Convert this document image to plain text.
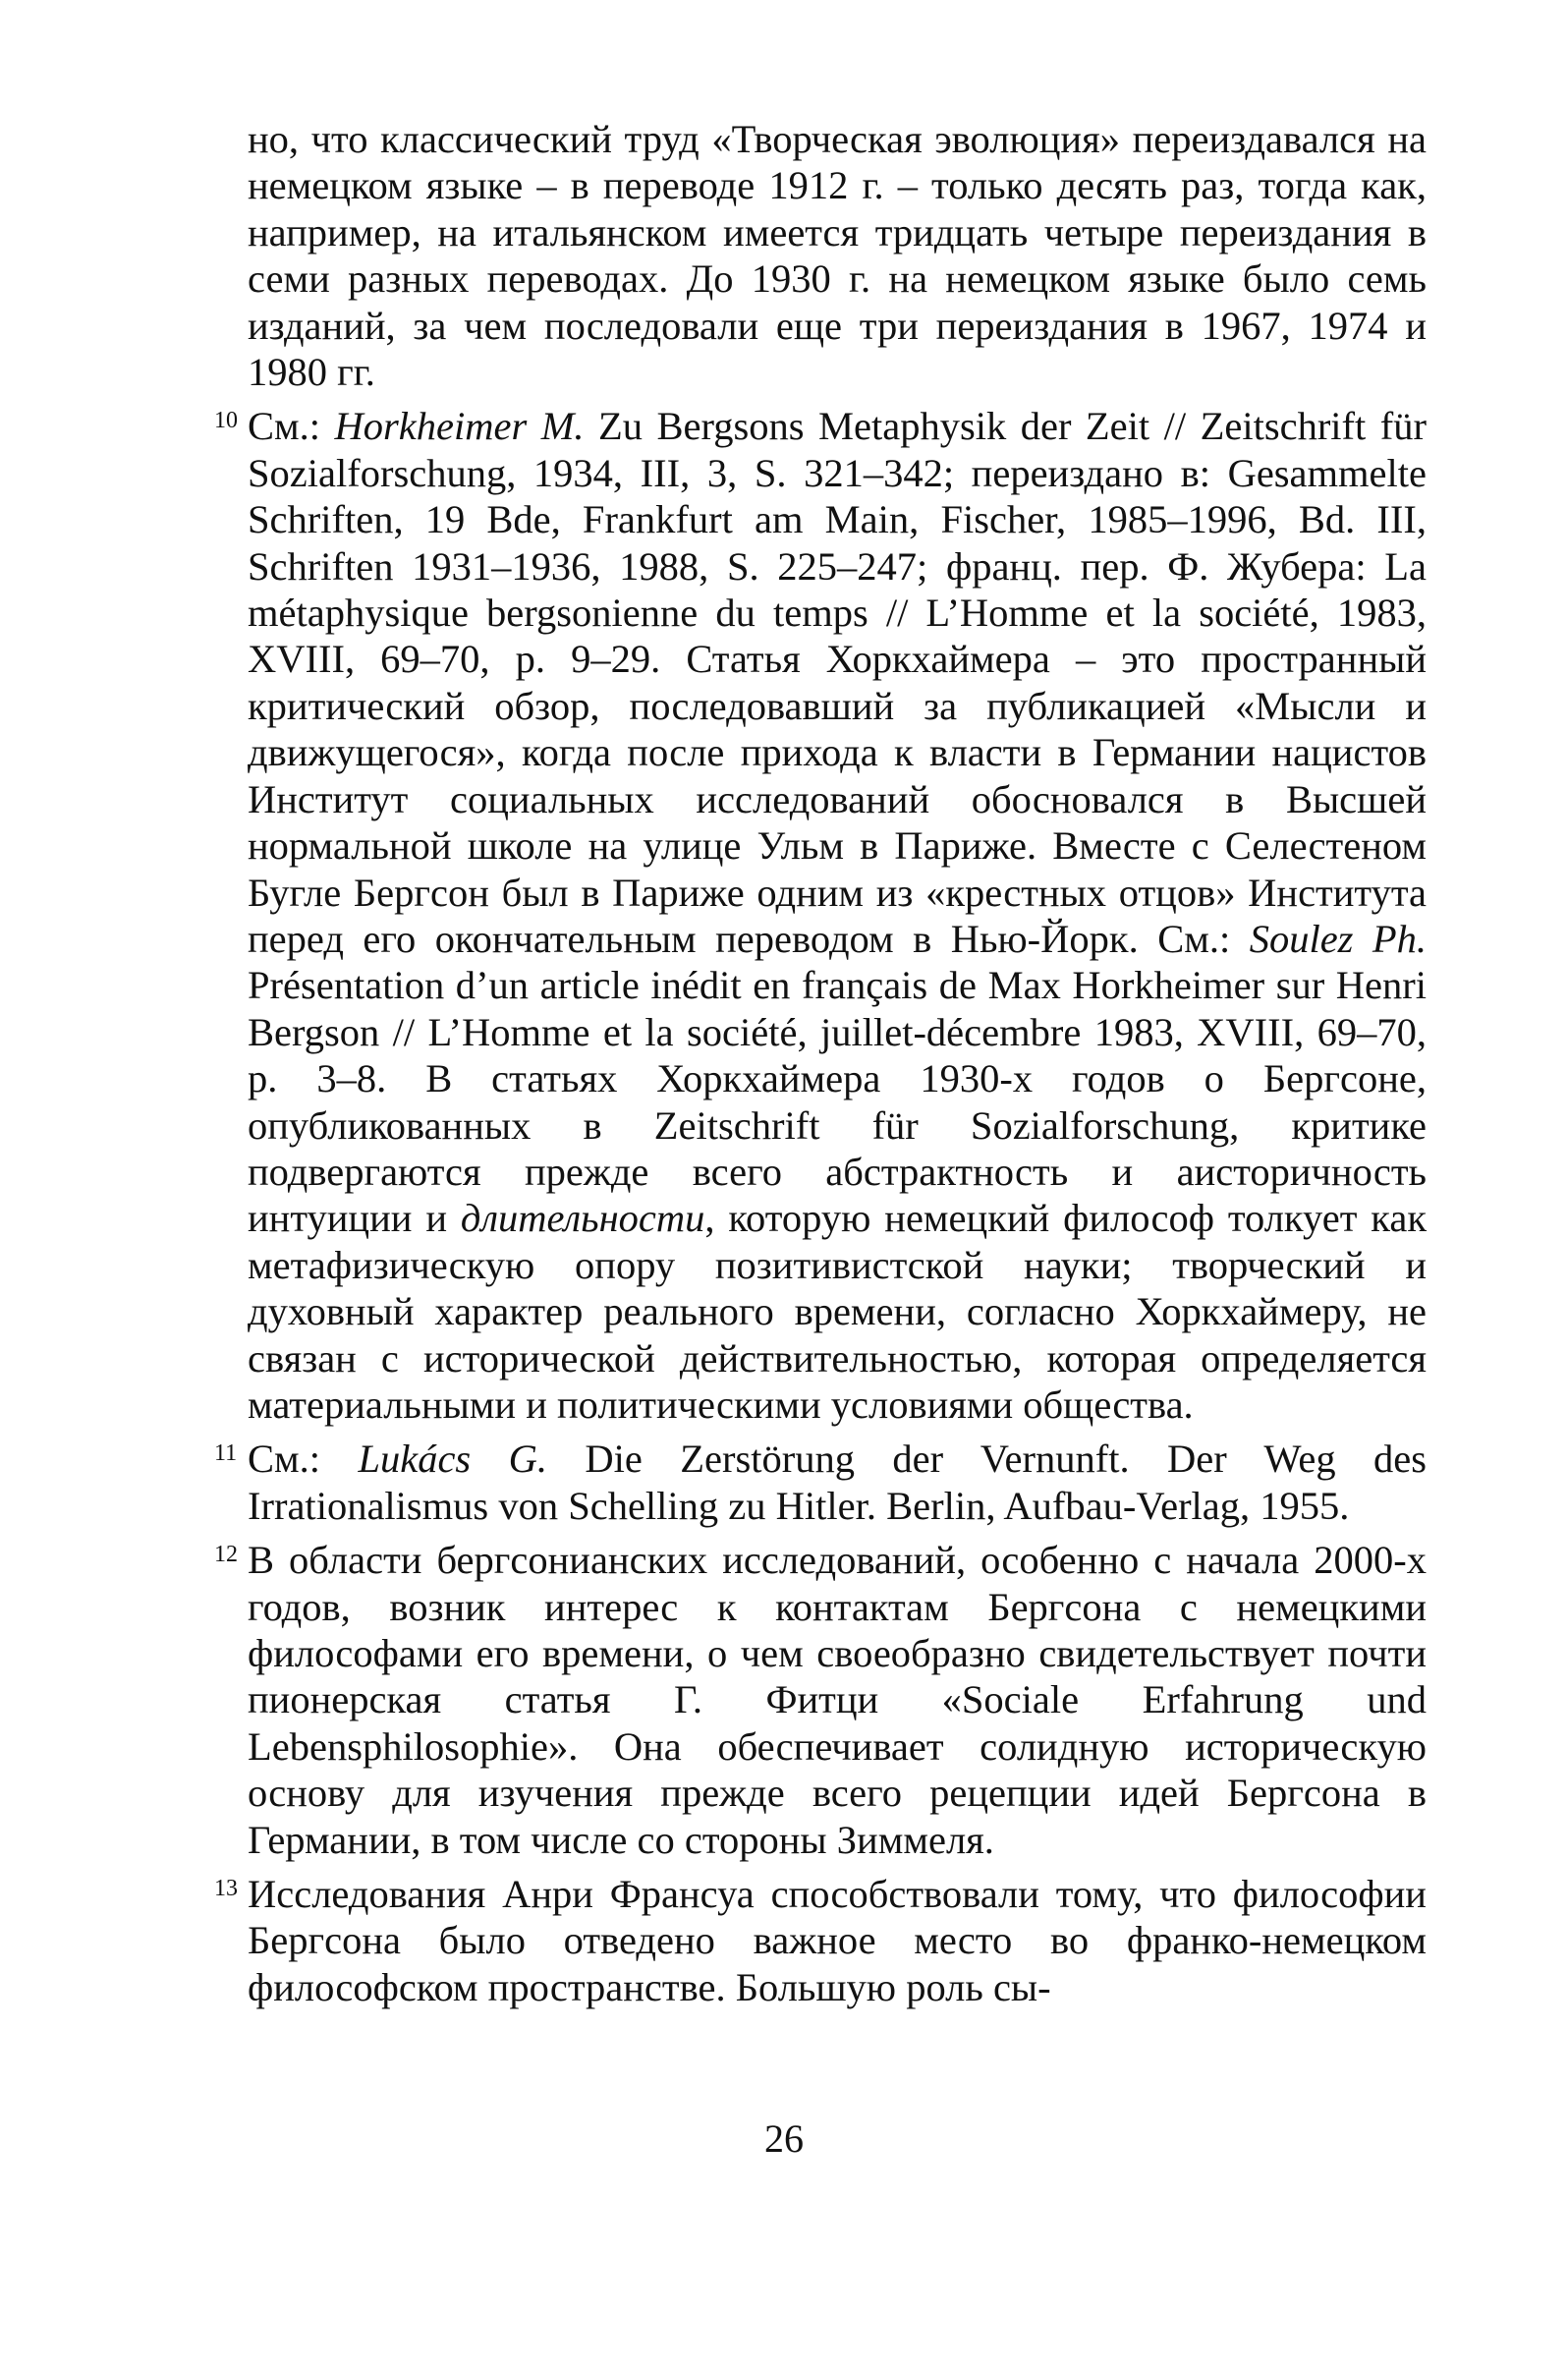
но, что классический труд «Творческая эволюция» переиздавался на немецком языке – в переводе 1912 г. – только десять раз, тогда как, например, на итальянском имеется тридцать четыре переиздания в семи разных переводах. До 1930 г. на немецком языке было семь изданий, за чем последовали еще три переиздания в 1967, 1974 и 1980 гг.
10 См.: Horkheimer M. Zu Bergsons Metaphysik der Zeit // Zeitschrift für Sozialforschung, 1934, III, 3, S. 321–342; переиздано в: Gesammelte Schriften, 19 Bde, Frankfurt am Main, Fischer, 1985–1996, Bd. III, Schriften 1931–1936, 1988, S. 225–247; франц. пер. Ф. Жубера: La métaphysique bergsonienne du temps // L’Homme et la société, 1983, XVIII, 69–70, p. 9–29. Статья Хоркхаймера – это пространный критический обзор, последовавший за публикацией «Мысли и движущегося», когда после прихода к власти в Германии нацистов Институт социальных исследований обосновался в Высшей нормальной школе на улице Ульм в Париже. Вместе с Селестеном Бугле Бергсон был в Париже одним из «крестных отцов» Института перед его окончательным переводом в Нью-Йорк. См.: Soulez Ph. Présentation d’un article inédit en français de Max Horkheimer sur Henri Bergson // L’Homme et la société, juillet-décembre 1983, XVIII, 69–70, p. 3–8. В статьях Хоркхаймера 1930-х годов о Бергсоне, опубликованных в Zeitschrift für Sozialforschung, критике подвергаются прежде всего абстрактность и аисторичность интуиции и длительности, которую немецкий философ толкует как метафизическую опору позитивистской науки; творческий и духовный характер реального времени, согласно Хоркхаймеру, не связан с исторической действительностью, которая определяется материальными и политическими условиями общества.
11 См.: Lukács G. Die Zerstörung der Vernunft. Der Weg des Irrationalismus von Schelling zu Hitler. Berlin, Aufbau-Verlag, 1955.
12 В области бергсонианских исследований, особенно с начала 2000-х годов, возник интерес к контактам Бергсона с немецкими философами его времени, о чем своеобразно свидетельствует почти пионерская статья Г. Фитци «Sociale Erfahrung und Lebensphilosophie». Она обеспечивает солидную историческую основу для изучения прежде всего рецепции идей Бергсона в Германии, в том числе со стороны Зиммеля.
13 Исследования Анри Франсуа способствовали тому, что философии Бергсона было отведено важное место во франко-немецком философском пространстве. Большую роль сы-
26
